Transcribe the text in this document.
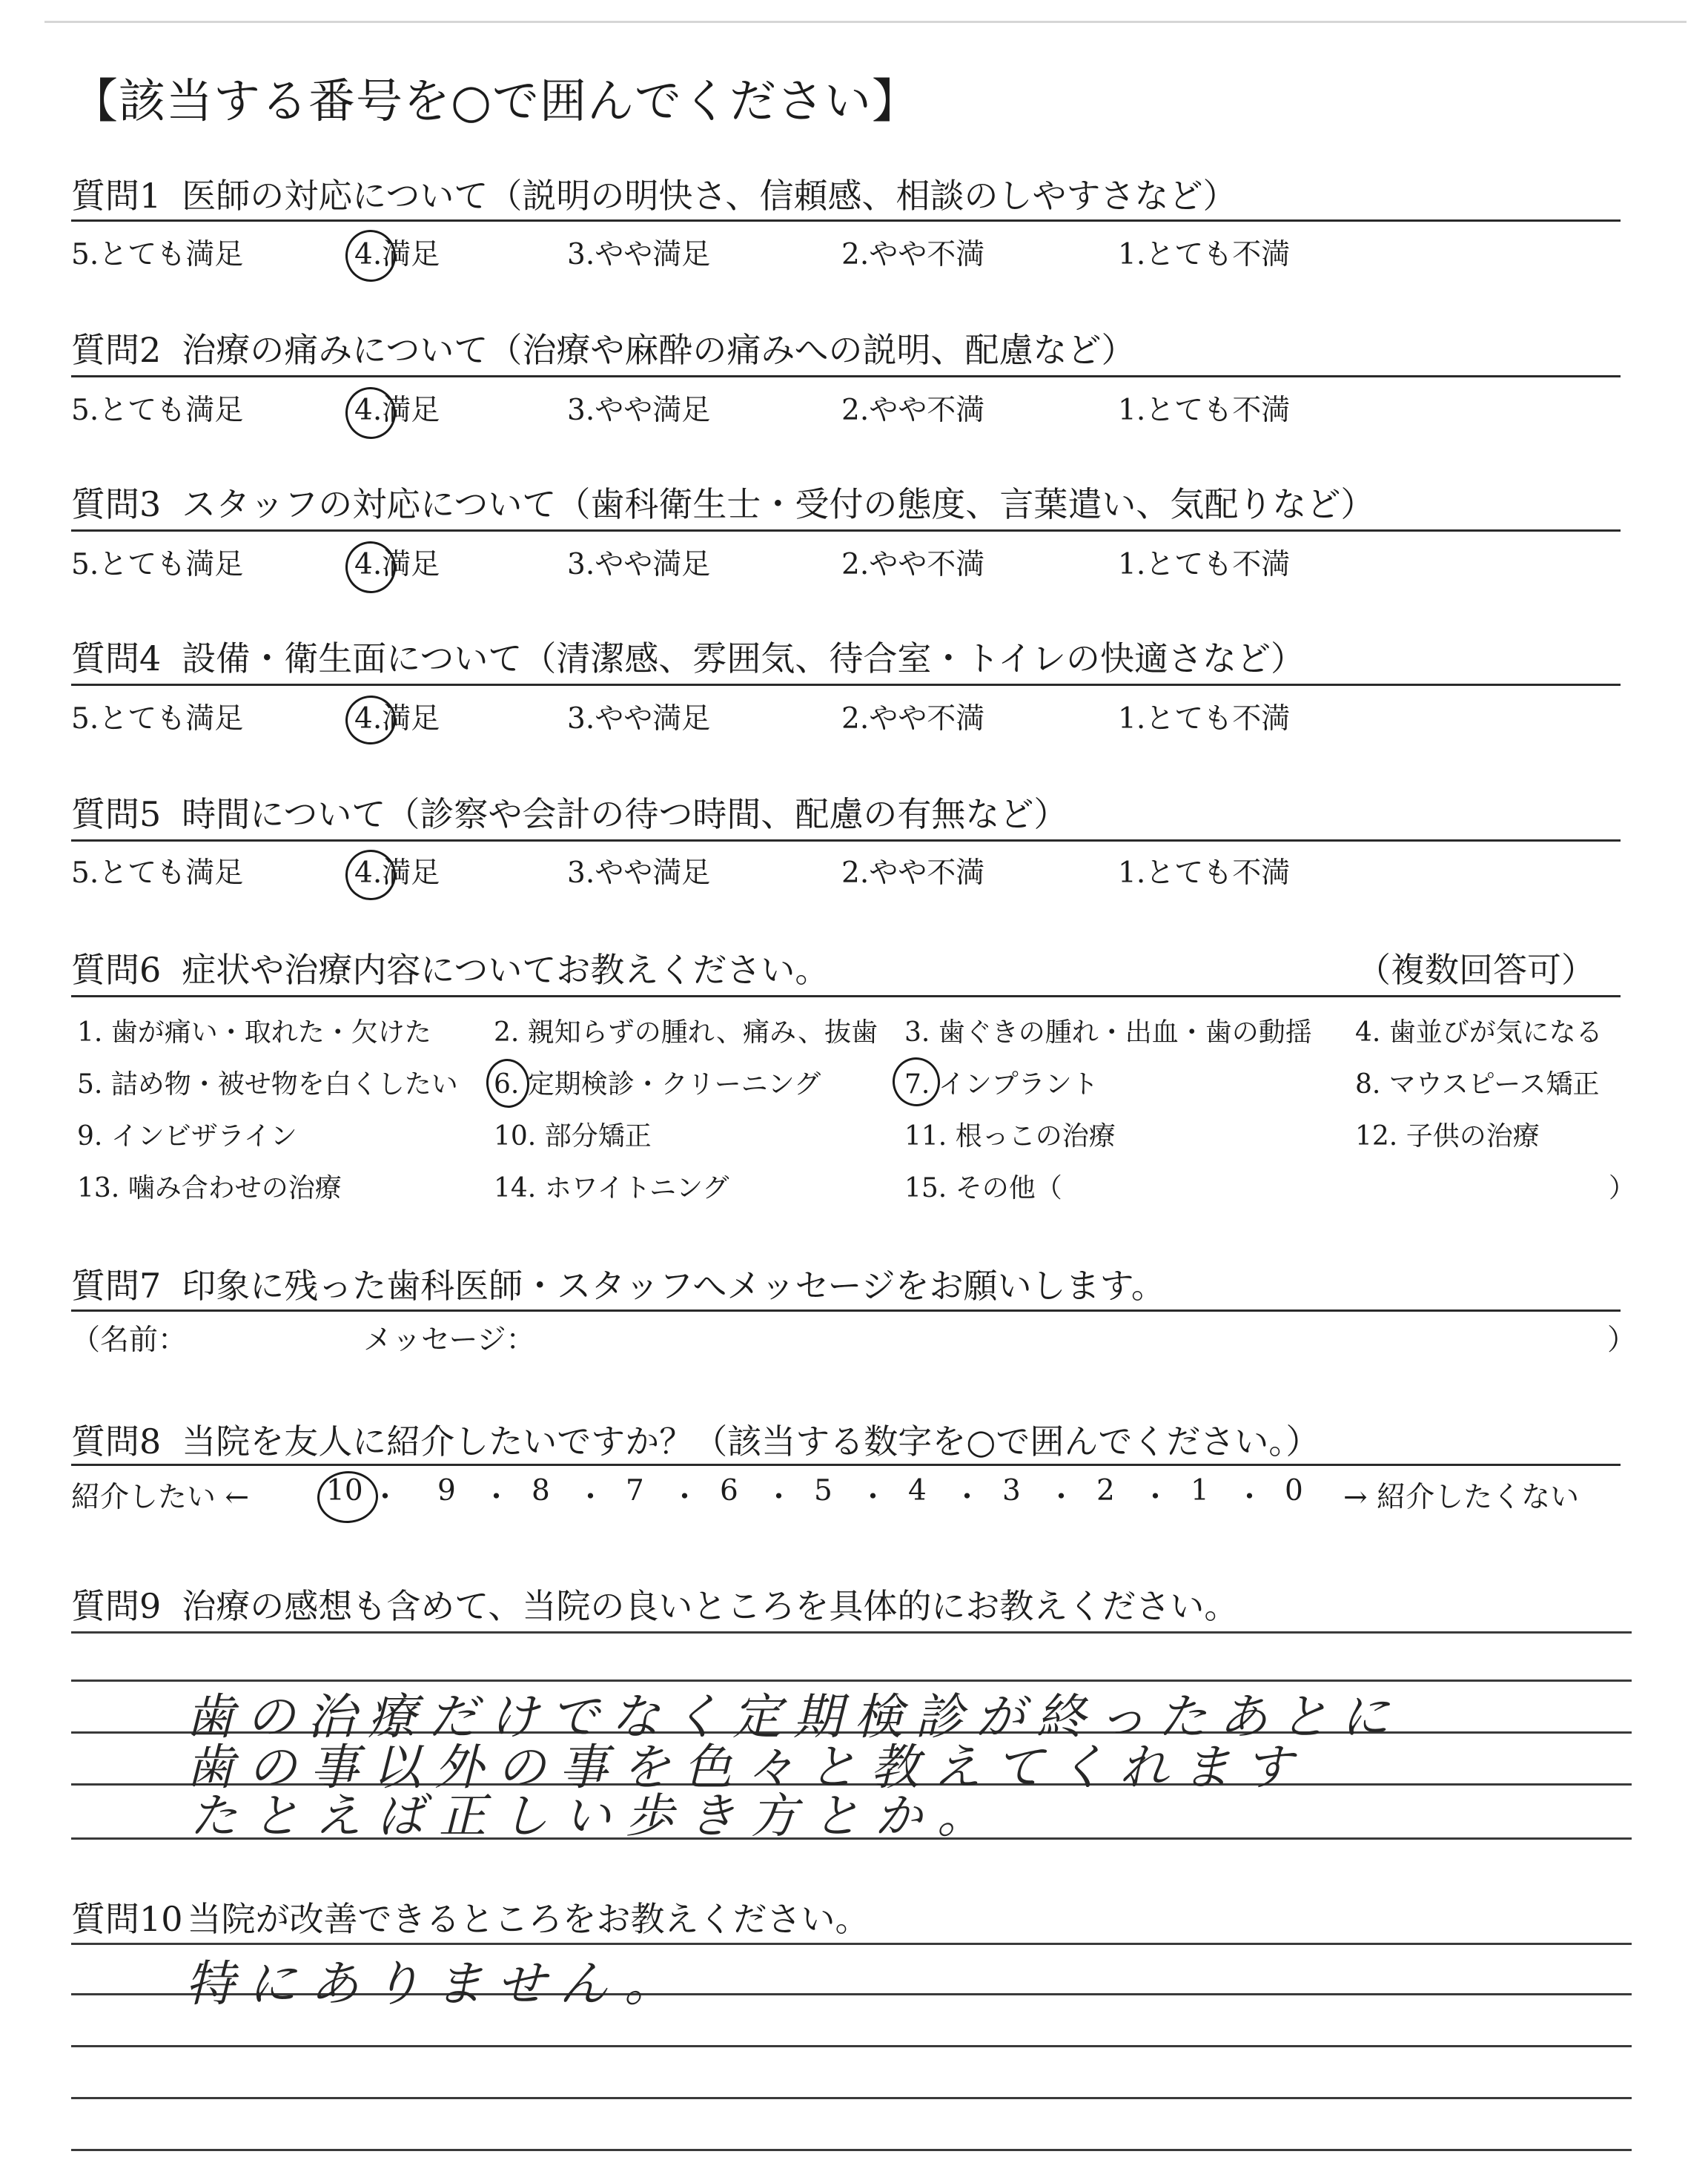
【該当する番号を○で囲んでください】
質問1 医師の対応について（説明の明快さ、信頼感、相談のしやすさなど）
5.とても満足	4.満足	3.やや満足	2.やや不満	1.とても不満
質問2 治療の痛みについて（治療や麻酔の痛みへの説明、配慮など）
5.とても満足	4.満足	3.やや満足	2.やや不満	1.とても不満
質問3 スタッフの対応について（歯科衛生士・受付の態度、言葉遣い、気配りなど）
5.とても満足	4.満足	3.やや満足	2.やや不満	1.とても不満
質問4 設備・衛生面について（清潔感、雰囲気、待合室・トイレの快適さなど）
5.とても満足	4.満足	3.やや満足	2.やや不満	1.とても不満
質問5 時間について（診察や会計の待つ時間、配慮の有無など）
5.とても満足	4.満足	3.やや満足	2.やや不満	1.とても不満
質問6 症状や治療内容についてお教えください。	（複数回答可）
1. 歯が痛い・取れた・欠けた 2. 親知らずの腫れ、痛み、抜歯 3. 歯ぐきの腫れ・出血・歯の動揺 4. 歯並びが気になる
5. 詰め物・被せ物を白くしたい 6. 定期検診・クリーニング	7. インプラント	8. マウスピース矯正
9. インビザライン	10. 部分矯正	11. 根っこの治療	12. 子供の治療
13. 噛み合わせの治療	14. ホワイトニング	15. その他（	）
質問7 印象に残った歯科医師・スタッフへメッセージをお願いします。
（名前：	メッセージ：	）
質問8 当院を友人に紹介したいですか？（該当する数字を○で囲んでください。）
紹介したい ←	→ 紹介したくない
10 ・ 9 ・ 8 ・ 7 ・ 6 ・ 5 ・ 4 ・ 3 ・ 2 ・ 1 ・ 0
質問9 治療の感想も含めて、当院の良いところを具体的にお教えください。
歯の治療だけでなく定期検診が終ったあとに
歯の事以外の事を色々と教えてくれます
たとえば正しい歩き方とか。
質問10 当院が改善できるところをお教えください。
特にありません。
